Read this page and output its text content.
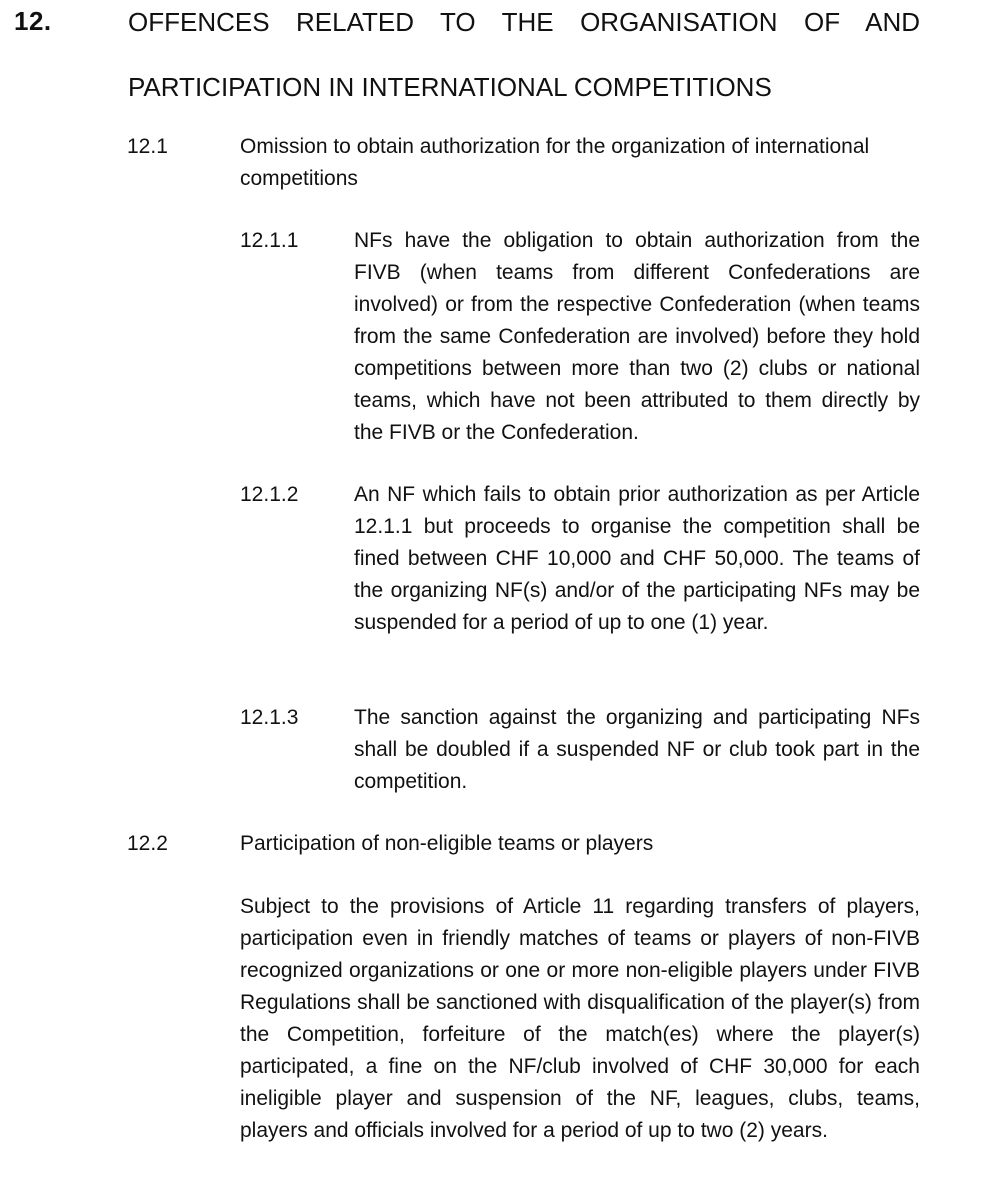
12.	OFFENCES RELATED TO THE ORGANISATION OF AND
PARTICIPATION IN INTERNATIONAL COMPETITIONS
12.1	Omission to obtain authorization for the organization of international competitions
12.1.1	NFs have the obligation to obtain authorization from the FIVB (when teams from different Confederations are involved) or from the respective Confederation (when teams from the same Confederation are involved) before they hold competitions between more than two (2) clubs or national teams, which have not been attributed to them directly by the FIVB or the Confederation.
12.1.2	An NF which fails to obtain prior authorization as per Article 12.1.1 but proceeds to organise the competition shall be fined between CHF 10,000 and CHF 50,000. The teams of the organizing NF(s) and/or of the participating NFs may be suspended for a period of up to one (1) year.
12.1.3	The sanction against the organizing and participating NFs shall be doubled if a suspended NF or club took part in the competition.
12.2	Participation of non-eligible teams or players
Subject to the provisions of Article 11 regarding transfers of players, participation even in friendly matches of teams or players of non-FIVB recognized organizations or one or more non-eligible players under FIVB Regulations shall be sanctioned with disqualification of the player(s) from the Competition, forfeiture of the match(es) where the player(s) participated, a fine on the NF/club involved of CHF 30,000 for each ineligible player and suspension of the NF, leagues, clubs, teams, players and officials involved for a period of up to two (2) years.
